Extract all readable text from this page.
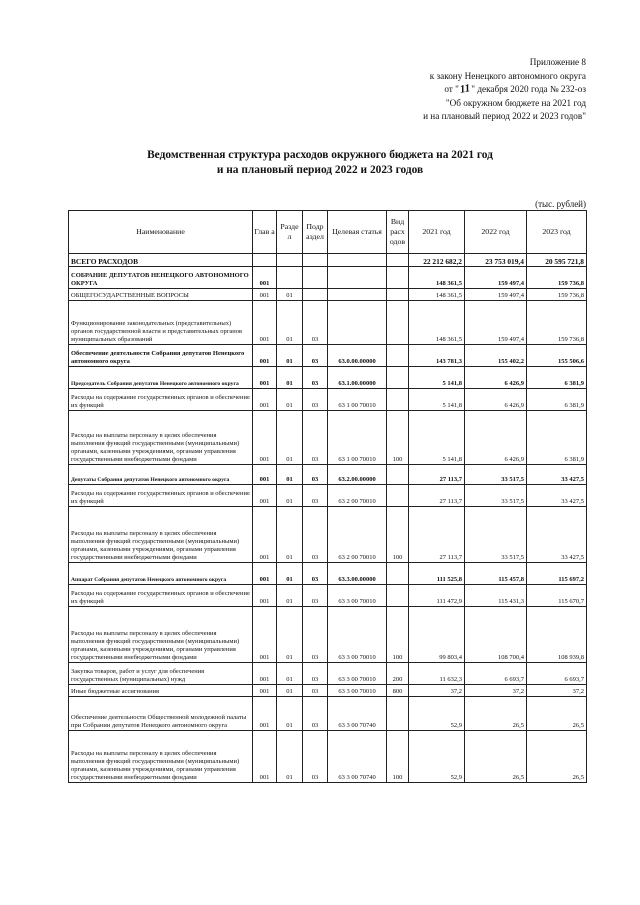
Приложение 8
к закону Ненецкого автономного округа
от "11" декабря 2020 года № 232-оз
"Об окружном бюджете на 2021 год
и на плановый период 2022 и 2023 годов"
Ведомственная структура расходов окружного бюджета на 2021 год
и на плановый период 2022 и 2023 годов
(тыс. рублей)
Наименование	Глав а	Разде л	Подр аздел	Целевая статья	Вид расх одов	2021 год	2022 год	2023 год
ВСЕГО РАСХОДОВ						22 212 682,2	23 753 019,4	20 595 721,8
СОБРАНИЕ ДЕПУТАТОВ НЕНЕЦКОГО АВТОНОМНОГО ОКРУГА	001					148 361,5	159 497,4	159 736,8
ОБЩЕГОСУДАРСТВЕННЫЕ ВОПРОСЫ	001	01				148 361,5	159 497,4	159 736,8
Функционирование законодательных (представительных) органов государственной власти и представительных органов муниципальных образований	001	01	03			148 361,5	159 497,4	159 736,8
Обеспечение деятельности Собрания депутатов Ненецкого автономного округа	001	01	03	63.0.00.00000		143 781,3	155 402,2	155 506,6
Председатель Собрания депутатов Ненецкого автономного округа	001	01	03	63.1.00.00000		5 141,8	6 426,9	6 381,9
Расходы на содержание государственных органов и обеспечение их функций	001	01	03	63 1 00 70010		5 141,8	6 426,9	6 381,9
Расходы на выплаты персоналу в целях обеспечения выполнения функций государственными (муниципальными) органами, казенными учреждениями, органами управления государственными внебюджетными фондами	001	01	03	63 1 00 70010	100	5 141,8	6 426,9	6 381,9
Депутаты Собрания депутатов Ненецкого автономного округа	001	01	03	63.2.00.00000		27 113,7	33 517,5	33 427,5
Расходы на содержание государственных органов и обеспечение их функций	001	01	03	63 2 00 70010		27 113,7	33 517,5	33 427,5
Расходы на выплаты персоналу в целях обеспечения выполнения функций государственными (муниципальными) органами, казенными учреждениями, органами управления государственными внебюджетными фондами	001	01	03	63 2 00 70010	100	27 113,7	33 517,5	33 427,5
Аппарат Собрания депутатов Ненецкого автономного округа	001	01	03	63.3.00.00000		111 525,8	115 457,8	115 697,2
Расходы на содержание государственных органов и обеспечение их функций	001	01	03	63 3 00 70010		111 472,9	115 431,3	115 670,7
Расходы на выплаты персоналу в целях обеспечения выполнения функций государственными (муниципальными) органами, казенными учреждениями, органами управления государственными внебюджетными фондами	001	01	03	63 3 00 70010	100	99 803,4	108 700,4	108 939,8
Закупка товаров, работ и услуг для обеспечения государственных (муниципальных) нужд	001	01	03	63 3 00 70010	200	11 632,3	6 693,7	6 693,7
Иные бюджетные ассигнования	001	01	03	63 3 00 70010	800	37,2	37,2	37,2
Обеспечение деятельности Общественной молодежной палаты при Собрании депутатов Ненецкого автономного округа	001	01	03	63 3 00 70740		52,9	26,5	26,5
Расходы на выплаты персоналу в целях обеспечения выполнения функций государственными (муниципальными) органами, казенными учреждениями, органами управления государственными внебюджетными фондами	001	01	03	63 3 00 70740	100	52,9	26,5	26,5
